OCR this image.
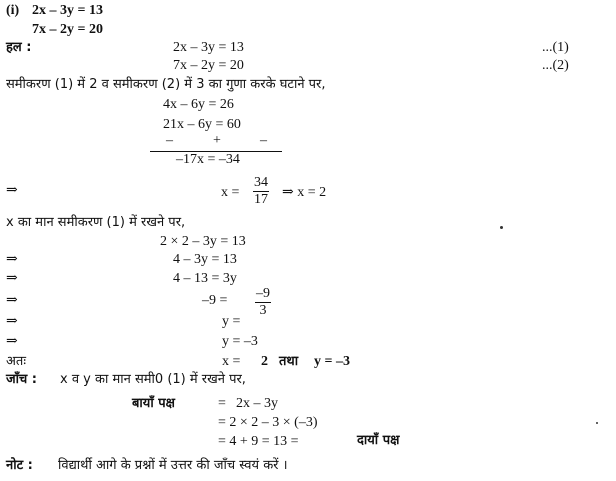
(i) 2x – 3y = 13
7x – 2y = 20
हल :	2x – 3y = 13	...(1)
7x – 2y = 20	...(2)
समीकरण (1) में 2 व समीकरण (2) में 3 का गुणा करके घटाने पर,
4x – 6y = 26
21x – 6y = 60
–	+	–
–17x = –34
⇒	$x = \frac{34}{17}$ ⇒ x = 2
x का मान समीकरण (1) में रखने पर,
2 × 2 – 3y = 13
⇒	4 – 3y = 13
⇒	4 – 13 = 3y
⇒	$-9 = \frac{-9}{3}$
⇒	y =
⇒	y = –3
अतः	x = 2 तथा y = –3
जाँच : x व y का मान समी0 (1) में रखने पर,
बायाँ पक्ष	= 2x – 3y
= 2 × 2 – 3 × (–3)
= 4 + 9 = 13 =	दायाँ पक्ष
नोट : विद्यार्थी आगे के प्रश्नों में उत्तर की जाँच स्वयं करें ।
